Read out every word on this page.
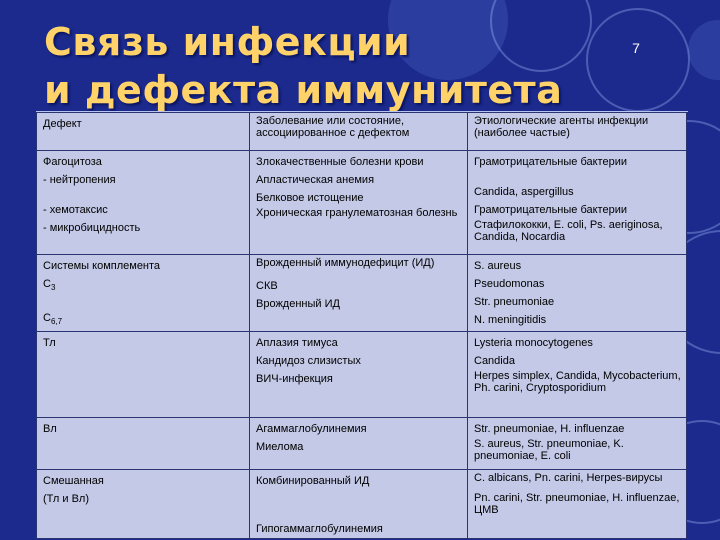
Связь инфекции
и дефекта иммунитета
7
Дефект	Заболевание или состояние, ассоциированное с дефектом	Этиологические агенты инфекции (наиболее частые)

Фагоцитоза
- нейтропения
- хемотаксис
- микробицидность	Злокачественные болезни крови
Апластическая анемия
Белковое истощение
Хроническая гранулематозная болезнь	Грамотрицательные бактерии
Candida, aspergillus
Грамотрицательные бактерии
Стафилококки, E. coli, Ps. aeriginosa, Candida, Nocardia

Системы комплемента
$C_3$
$C_{6,7}$	Врожденный иммунодефицит (ИД)
СКВ
Врожденный ИД	S. aureus
Pseudomonas
Str. pneumoniae
N. meningitidis

Тл	Аплазия тимуса
Кандидоз слизистых
ВИЧ-инфекция	Lysteria monocytogenes
Candida
Herpes simplex, Candida, Mycobacterium, Ph. carini, Cryptosporidium

Вл	Агаммаглобулинемия
Миелома	Str. pneumoniae, H. influenzae
S. aureus, Str. pneumoniae, K. pneumoniae, E. coli

Смешанная
(Тл и Вл)	Комбинированный ИД
Гипогаммаглобулинемия	C. albicans, Pn. carini, Herpes-вирусы
Pn. carini, Str. pneumoniae, H. influenzae, ЦМВ
